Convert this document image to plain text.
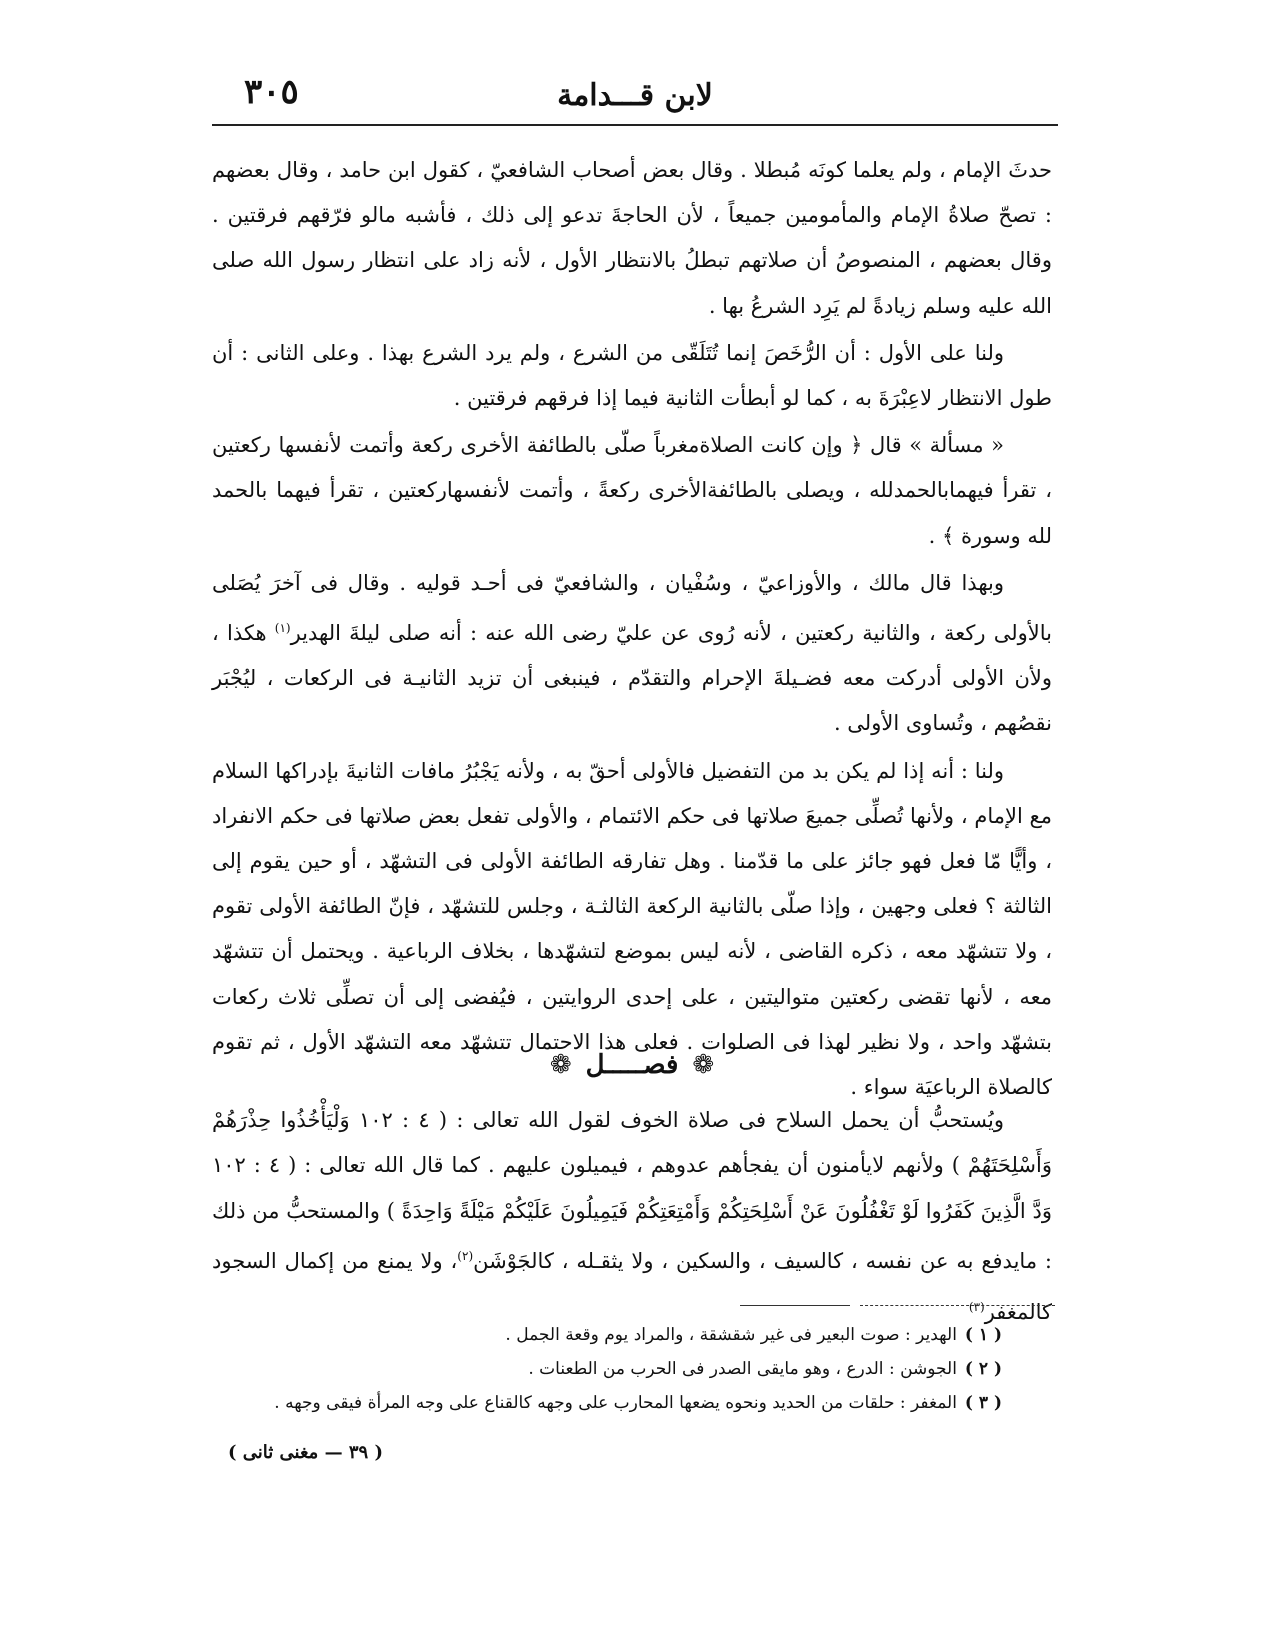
لابن قـــدامة
٣٠٥

حدثَ الإمام ، ولم يعلما كونَه مُبطلا . وقال بعض أصحاب الشافعيّ ، كقول ابن حامد ، وقال بعضهم : تصحّ صلاةُ الإمام والمأمومين جميعاً ، لأن الحاجةَ تدعو إلى ذلك ، فأشبه مالو فرّقهم فرقتين . وقال بعضهم ، المنصوصُ أن صلاتهم تبطلُ بالانتظار الأول ، لأنه زاد على انتظار رسول الله صلى الله عليه وسلم زيادةً لم يَرِد الشرعُ بها .

ولنا على الأول : أن الرُّخَصَ إنما تُتَلَقّى من الشرع ، ولم يرد الشرع بهذا . وعلى الثانى : أن طول الانتظار لاعِبْرَةَ به ، كما لو أبطأت الثانية فيما إذا فرقهم فرقتين .

« مسألة » قال ﴿ وإن كانت الصلاةمغرباً صلّى بالطائفة الأخرى ركعة وأتمت لأنفسها ركعتين ، تقرأ فيهمابالحمدلله ، ويصلى بالطائفةالأخرى ركعةً ، وأتمت لأنفسهاركعتين ، تقرأ فيهما بالحمد لله وسورة ﴾ .

وبهذا قال مالك ، والأوزاعيّ ، وسُفْيان ، والشافعيّ فى أحـد قوليه . وقال فى آخرَ يُصَلى بالأولى ركعة ، والثانية ركعتين ، لأنه رُوى عن عليّ رضى الله عنه : أنه صلى ليلةَ الهدير$^{(١)}$ هكذا ، ولأن الأولى أدركت معه فضـيلةَ الإحرام والتقدّم ، فينبغى أن تزيد الثانيـة فى الركعات ، ليُجْبَر نقصُهم ، وتُساوى الأولى .

ولنا : أنه إذا لم يكن بد من التفضيل فالأولى أحقّ به ، ولأنه يَجْبُرُ مافات الثانيةَ بإدراكها السلام مع الإمام ، ولأنها تُصلِّى جميعَ صلاتها فى حكم الائتمام ، والأولى تفعل بعض صلاتها فى حكم الانفراد ، وأيًّا مّا فعل فهو جائز على ما قدّمنا . وهل تفارقه الطائفة الأولى فى التشهّد ، أو حين يقوم إلى الثالثة ؟ فعلى وجهين ، وإذا صلّى بالثانية الركعة الثالثـة ، وجلس للتشهّد ، فإنّ الطائفة الأولى تقوم ، ولا تتشهّد معه ، ذكره القاضى ، لأنه ليس بموضع لتشهّدها ، بخلاف الرباعية . ويحتمل أن تتشهّد معه ، لأنها تقضى ركعتين متواليتين ، على إحدى الروايتين ، فيُفضى إلى أن تصلِّى ثلاث ركعات بتشهّد واحد ، ولا نظير لهذا فى الصلوات . فعلى هذا الاحتمال تتشهّد معه التشهّد الأول ، ثم تقوم كالصلاة الرباعيَة سواء .

❁
فصـــــل
❁

ويُستحبُّ أن يحمل السلاح فى صلاة الخوف لقول الله تعالى : ( ٤ : ١٠٢ وَلْيَأْخُذُوا حِذْرَهُمْ وَأَسْلِحَتَهُمْ ) ولأنهم لايأمنون أن يفجأهم عدوهم ، فيميلون عليهم . كما قال الله تعالى : ( ٤ : ١٠٢ وَدَّ الَّذِينَ كَفَرُوا لَوْ تَغْفُلُونَ عَنْ أَسْلِحَتِكُمْ وَأَمْتِعَتِكُمْ فَيَمِيلُونَ عَلَيْكُمْ مَيْلَةً وَاحِدَةً ) والمستحبُّ من ذلك : مايدفع به عن نفسه ، كالسيف ، والسكين ، ولا يثقـله ، كالجَوْشَن$^{(٢)}$، ولا يمنع من إكمال السجود كالمغفر$^{(٣)}$

( ١ )الهدير : صوت البعير فى غير شقشقة ، والمراد يوم وقعة الجمل .
( ٢ )الجوشن : الدرع ، وهو مايقى الصدر فى الحرب من الطعنات .
( ٣ )المغفر : حلقات من الحديد ونحوه يضعها المحارب على وجهه كالقناع على وجه المرأة فيقى وجهه .
( ٣٩ — مغنى ثانى )
